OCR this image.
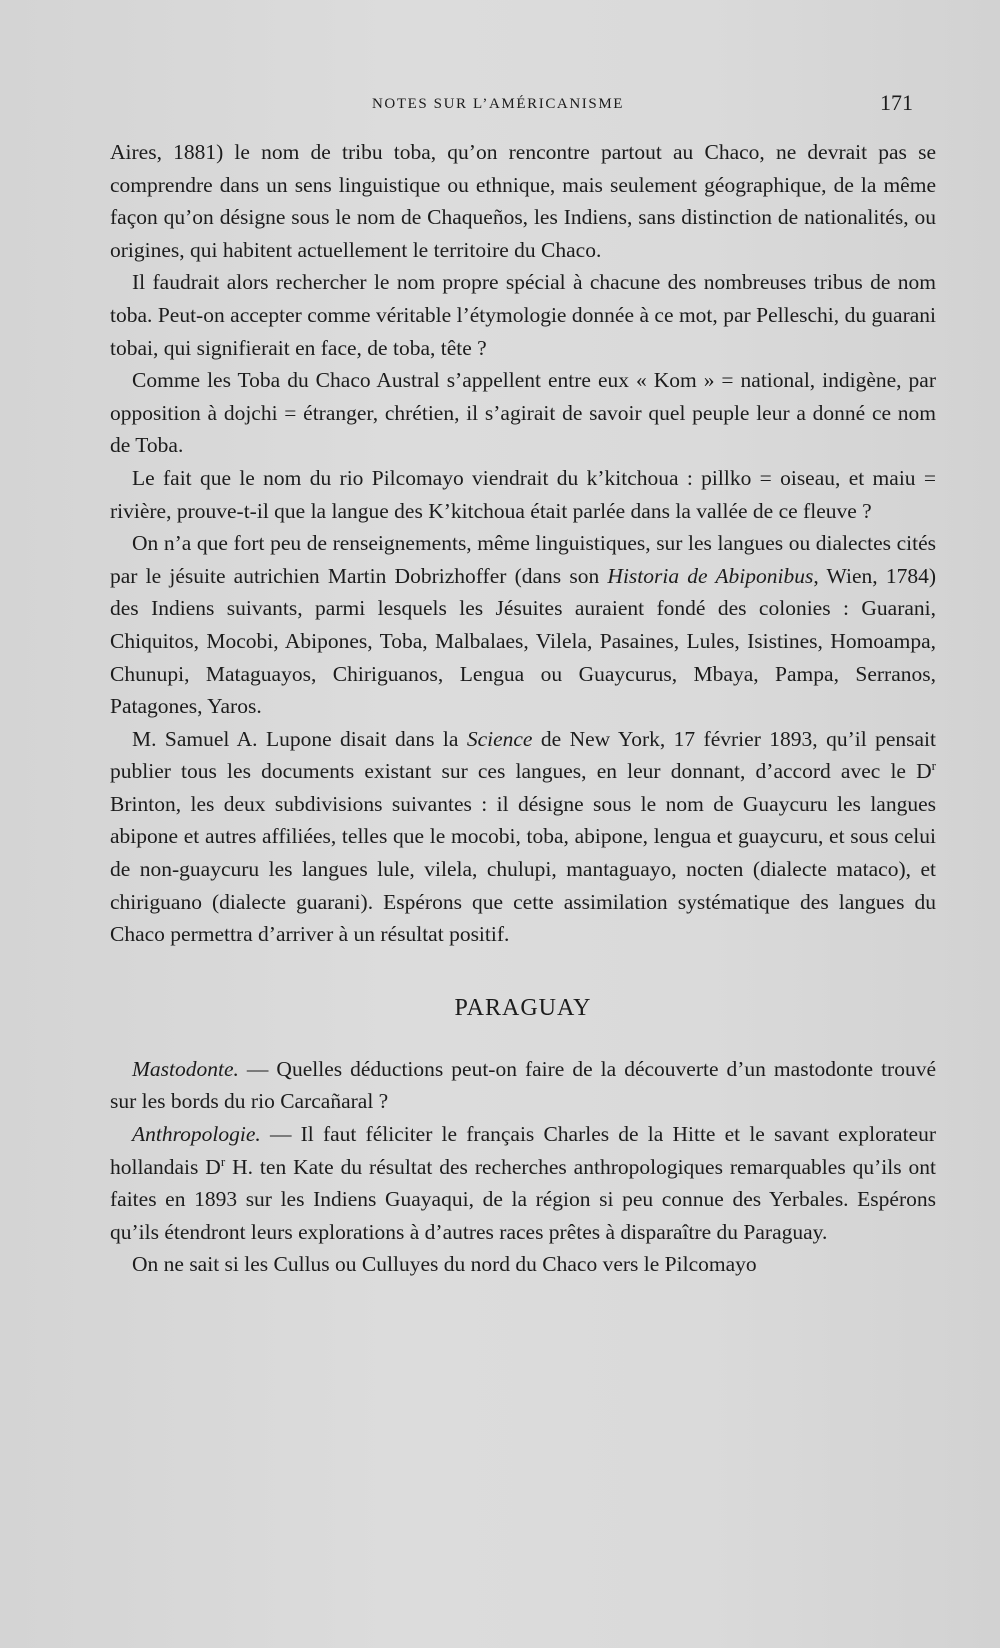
NOTES SUR L’AMÉRICANISME	171

Aires, 1881) le nom de tribu toba, qu’on rencontre partout au Chaco, ne devrait pas se comprendre dans un sens linguistique ou ethnique, mais seulement géographique, de la même façon qu’on désigne sous le nom de Chaqueños, les Indiens, sans distinction de nationalités, ou origines, qui habitent actuellement le territoire du Chaco.

Il faudrait alors rechercher le nom propre spécial à chacune des nombreuses tribus de nom toba. Peut-on accepter comme véritable l’étymologie donnée à ce mot, par Pelleschi, du guarani tobai, qui signifierait en face, de toba, tête ?

Comme les Toba du Chaco Austral s’appellent entre eux « Kom » = national, indigène, par opposition à dojchi = étranger, chrétien, il s’agirait de savoir quel peuple leur a donné ce nom de Toba.

Le fait que le nom du rio Pilcomayo viendrait du k’kitchoua : pillko = oiseau, et maiu = rivière, prouve-t-il que la langue des K’kitchoua était parlée dans la vallée de ce fleuve ?

On n’a que fort peu de renseignements, même linguistiques, sur les langues ou dialectes cités par le jésuite autrichien Martin Dobrizhoffer (dans son Historia de Abiponibus, Wien, 1784) des Indiens suivants, parmi lesquels les Jésuites auraient fondé des colonies : Guarani, Chiquitos, Mocobi, Abipones, Toba, Malbalaes, Vilela, Pasaines, Lules, Isistines, Homoampa, Chunupi, Mataguayos, Chiriguanos, Lengua ou Guaycurus, Mbaya, Pampa, Serranos, Patagones, Yaros.

M. Samuel A. Lupone disait dans la Science de New York, 17 février 1893, qu’il pensait publier tous les documents existant sur ces langues, en leur donnant, d’accord avec le $D^r$ Brinton, les deux subdivisions suivantes : il désigne sous le nom de Guaycuru les langues abipone et autres affiliées, telles que le mocobi, toba, abipone, lengua et guaycuru, et sous celui de non-guaycuru les langues lule, vilela, chulupi, mantaguayo, nocten (dialecte mataco), et chiriguano (dialecte guarani). Espérons que cette assimilation systématique des langues du Chaco permettra d’arriver à un résultat positif.

PARAGUAY

Mastodonte. — Quelles déductions peut-on faire de la découverte d’un mastodonte trouvé sur les bords du rio Carcañaral ?

Anthropologie. — Il faut féliciter le français Charles de la Hitte et le savant explorateur hollandais $D^r$ H. ten Kate du résultat des recherches anthropologiques remarquables qu’ils ont faites en 1893 sur les Indiens Guayaqui, de la région si peu connue des Yerbales. Espérons qu’ils étendront leurs explorations à d’autres races prêtes à disparaître du Paraguay.

On ne sait si les Cullus ou Culluyes du nord du Chaco vers le Pilcomayo
